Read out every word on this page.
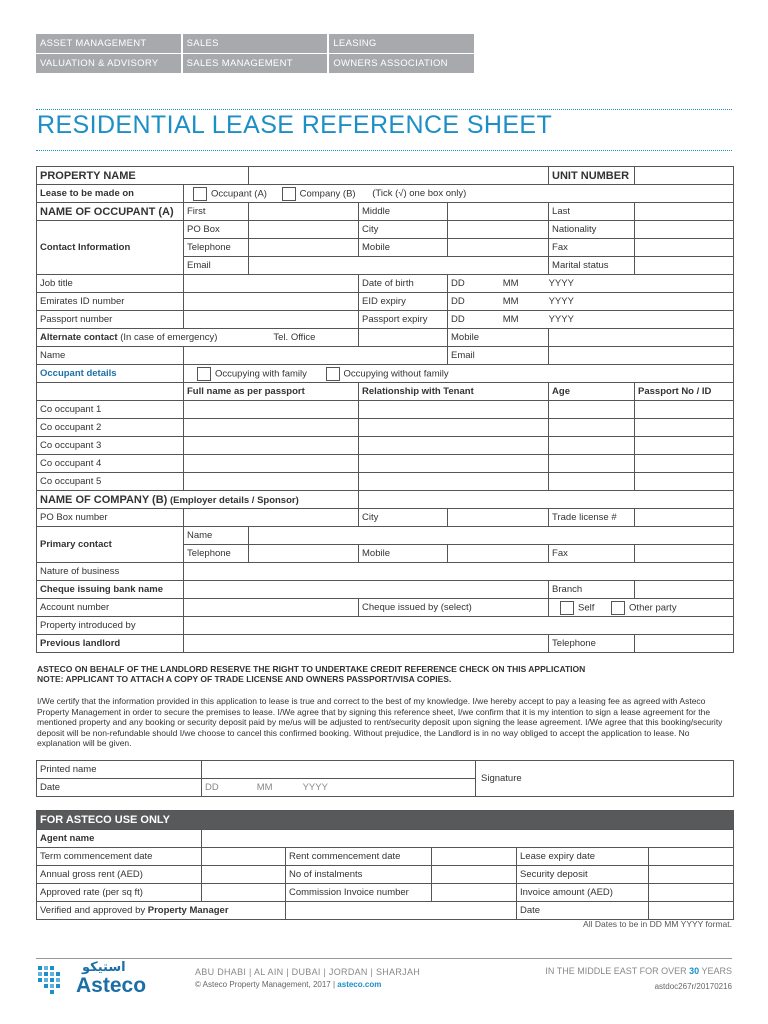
ASSET MANAGEMENT	SALES	LEASING
VALUATION & ADVISORY	SALES MANAGEMENT	OWNERS ASSOCIATION
RESIDENTIAL LEASE REFERENCE SHEET
PROPERTY NAME					UNIT NUMBER	
Lease to be made on	Occupant (A) Company (B) (Tick (√) one box only)					
NAME OF OCCUPANT (A)	First		Middle		Last	
Contact Information	PO Box		City		Nationality	
	Telephone		Mobile		Fax	
	Email				Marital status	
Job title			Date of birth	DD MM YYYY		
Emirates ID number			EID expiry	DD MM YYYY		
Passport number			Passport expiry	DD MM YYYY		
Alternate contact (In case of emergency) Tel. Office				Mobile		
Name				Email		
Occupant details	Occupying with family Occupying without family					
	Full name as per passport		Relationship with Tenant		Age	Passport No / ID
Co occupant 1						
Co occupant 2						
Co occupant 3						
Co occupant 4						
Co occupant 5						
NAME OF COMPANY (B) (Employer details / Sponsor)						
PO Box number			City		Trade license #	
Primary contact	Name					
	Telephone		Mobile		Fax	
Nature of business						
Cheque issuing bank name					Branch	
Account number			Cheque issued by (select)		Self Other party	
Property introduced by						
Previous landlord					Telephone	
ASTECO ON BEHALF OF THE LANDLORD RESERVE THE RIGHT TO UNDERTAKE CREDIT REFERENCE CHECK ON THIS APPLICATION
NOTE: APPLICANT TO ATTACH A COPY OF TRADE LICENSE AND OWNERS PASSPORT/VISA COPIES.
I/We certify that the information provided in this application to lease is true and correct to the best of my knowledge. I/we hereby accept to pay a leasing fee as agreed with Asteco Property Management in order to secure the premises to lease. I/We agree that by signing this reference sheet, I/we confirm that it is my intention to sign a lease agreement for the mentioned property and any booking or security deposit paid by me/us will be adjusted to rent/security deposit upon signing the lease agreement. I/We agree that this booking/security deposit will be non-refundable should I/we choose to cancel this confirmed booking. Without prejudice, the Landlord is in no way obliged to accept the application to lease. No explanation will be given.
Printed name		Signature
Date	DD MM YYYY	
FOR ASTECO USE ONLY					
Agent name					
Term commencement date		Rent commencement date		Lease expiry date	
Annual gross rent (AED)		No of instalments		Security deposit	
Approved rate (per sq ft)		Commission Invoice number		Invoice amount (AED)	
Verified and approved by Property Manager				Date	
All Dates to be in DD MM YYYY format.
استيكو
Asteco
ABU DHABI | AL AIN | DUBAI | JORDAN | SHARJAH
© Asteco Property Management, 2017 | asteco.com
IN THE MIDDLE EAST FOR OVER 30 YEARS
astdoc267r/20170216
